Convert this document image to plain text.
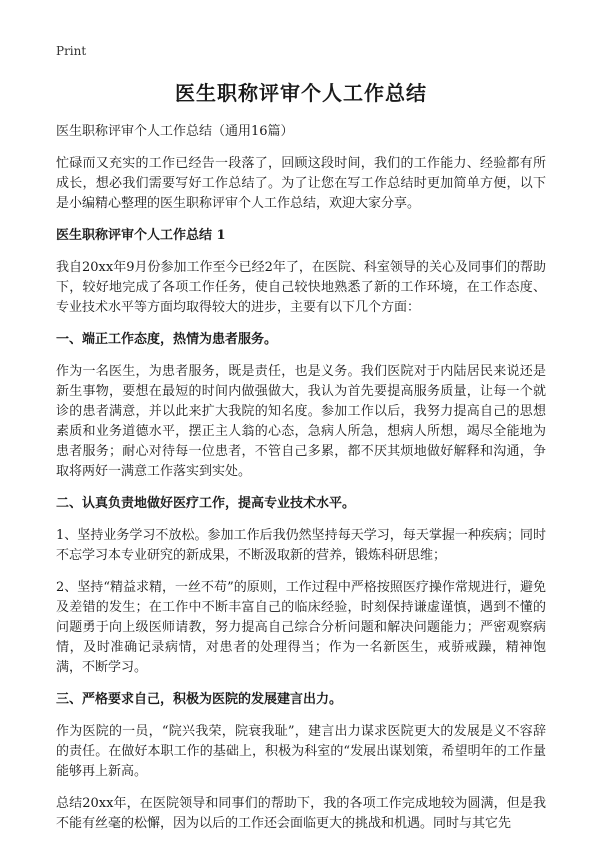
Print
医生职称评审个人工作总结

医生职称评审个人工作总结（通用16篇）

忙碌而又充实的工作已经告一段落了，回顾这段时间，我们的工作能力、经验都有所成长，想必我们需要写好工作总结了。为了让您在写工作总结时更加简单方便，以下是小编精心整理的医生职称评审个人工作总结，欢迎大家分享。

医生职称评审个人工作总结 1

我自20xx年9月份参加工作至今已经2年了，在医院、科室领导的关心及同事们的帮助下，较好地完成了各项工作任务，使自己较快地熟悉了新的工作环境，在工作态度、专业技术水平等方面均取得较大的进步，主要有以下几个方面：

一、端正工作态度，热情为患者服务。

作为一名医生，为患者服务，既是责任，也是义务。我们医院对于内陆居民来说还是新生事物，要想在最短的时间内做强做大，我认为首先要提高服务质量，让每一个就诊的患者满意，并以此来扩大我院的知名度。参加工作以后，我努力提高自己的思想素质和业务道德水平，摆正主人翁的心态，急病人所急，想病人所想，竭尽全能地为患者服务；耐心对待每一位患者，不管自己多累，都不厌其烦地做好解释和沟通，争取将两好一满意工作落实到实处。

二、认真负责地做好医疗工作，提高专业技术水平。

1、坚持业务学习不放松。参加工作后我仍然坚持每天学习，每天掌握一种疾病；同时不忘学习本专业研究的新成果，不断汲取新的营养，锻炼科研思维；

2、坚持“精益求精，一丝不苟”的原则，工作过程中严格按照医疗操作常规进行，避免及差错的发生；在工作中不断丰富自己的临床经验，时刻保持谦虚谨慎，遇到不懂的问题勇于向上级医师请教，努力提高自己综合分析问题和解决问题能力；严密观察病情，及时准确记录病情，对患者的处理得当；作为一名新医生，戒骄戒躁，精神饱满，不断学习。

三、严格要求自己，积极为医院的发展建言出力。

作为医院的一员，“院兴我荣，院衰我耻”，建言出力谋求医院更大的发展是义不容辞的责任。在做好本职工作的基础上，积极为科室的“发展出谋划策，希望明年的工作量能够再上新高。

总结20xx年，在医院领导和同事们的帮助下，我的各项工作完成地较为圆满，但是我不能有丝毫的松懈，因为以后的工作还会面临更大的挑战和机遇。同时与其它先
